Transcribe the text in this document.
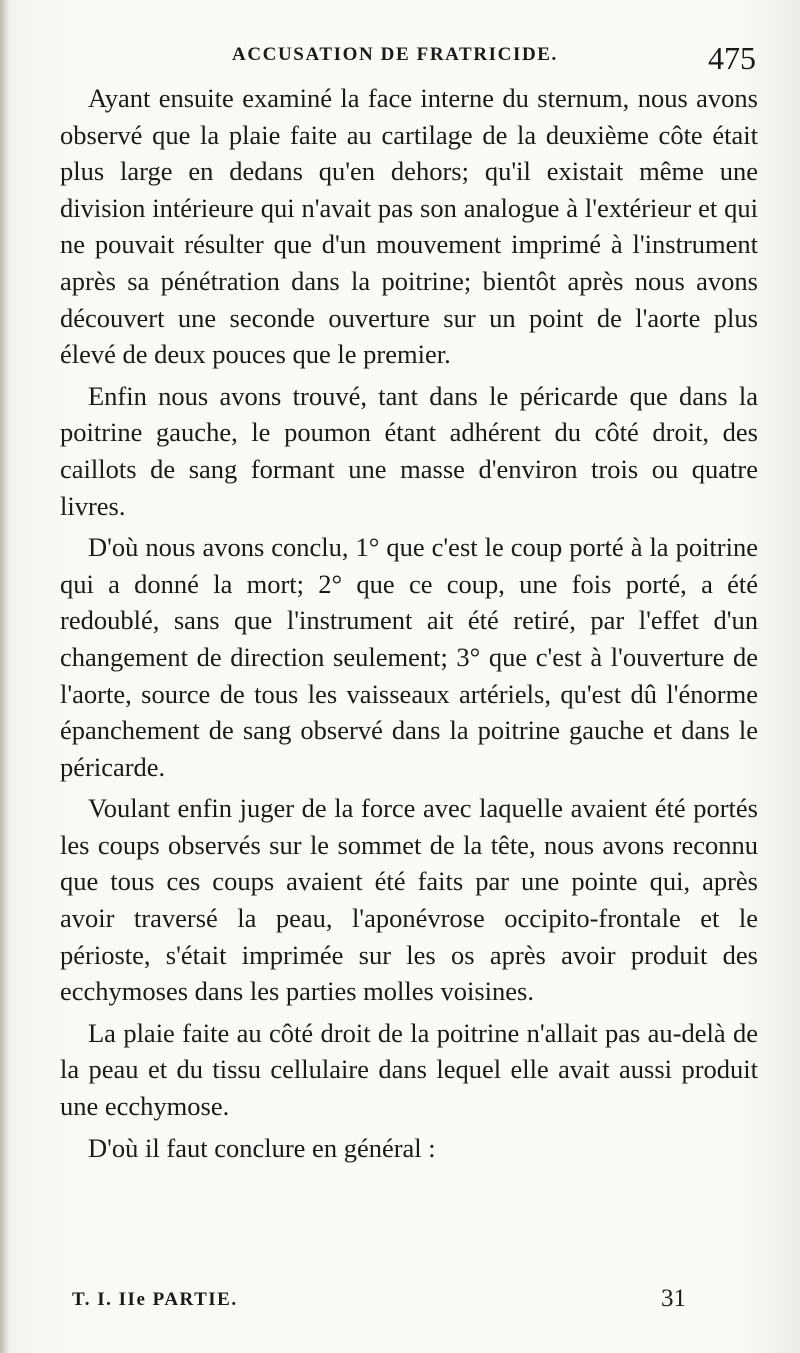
ACCUSATION DE FRATRICIDE.	475

Ayant ensuite examiné la face interne du sternum, nous avons observé que la plaie faite au cartilage de la deuxième côte était plus large en dedans qu'en dehors; qu'il existait même une division intérieure qui n'avait pas son analogue à l'extérieur et qui ne pouvait résulter que d'un mouvement imprimé à l'instrument après sa pénétration dans la poitrine; bientôt après nous avons découvert une seconde ouverture sur un point de l'aorte plus élevé de deux pouces que le premier.

Enfin nous avons trouvé, tant dans le péricarde que dans la poitrine gauche, le poumon étant adhérent du côté droit, des caillots de sang formant une masse d'environ trois ou quatre livres.

D'où nous avons conclu, 1° que c'est le coup porté à la poitrine qui a donné la mort; 2° que ce coup, une fois porté, a été redoublé, sans que l'instrument ait été retiré, par l'effet d'un changement de direction seulement; 3° que c'est à l'ouverture de l'aorte, source de tous les vaisseaux artériels, qu'est dû l'énorme épanchement de sang observé dans la poitrine gauche et dans le péricarde.

Voulant enfin juger de la force avec laquelle avaient été portés les coups observés sur le sommet de la tête, nous avons reconnu que tous ces coups avaient été faits par une pointe qui, après avoir traversé la peau, l'aponévrose occipito-frontale et le périoste, s'était imprimée sur les os après avoir produit des ecchymoses dans les parties molles voisines.

La plaie faite au côté droit de la poitrine n'allait pas au-delà de la peau et du tissu cellulaire dans lequel elle avait aussi produit une ecchymose.

D'où il faut conclure en général :

T. I. IIe PARTIE.	31
